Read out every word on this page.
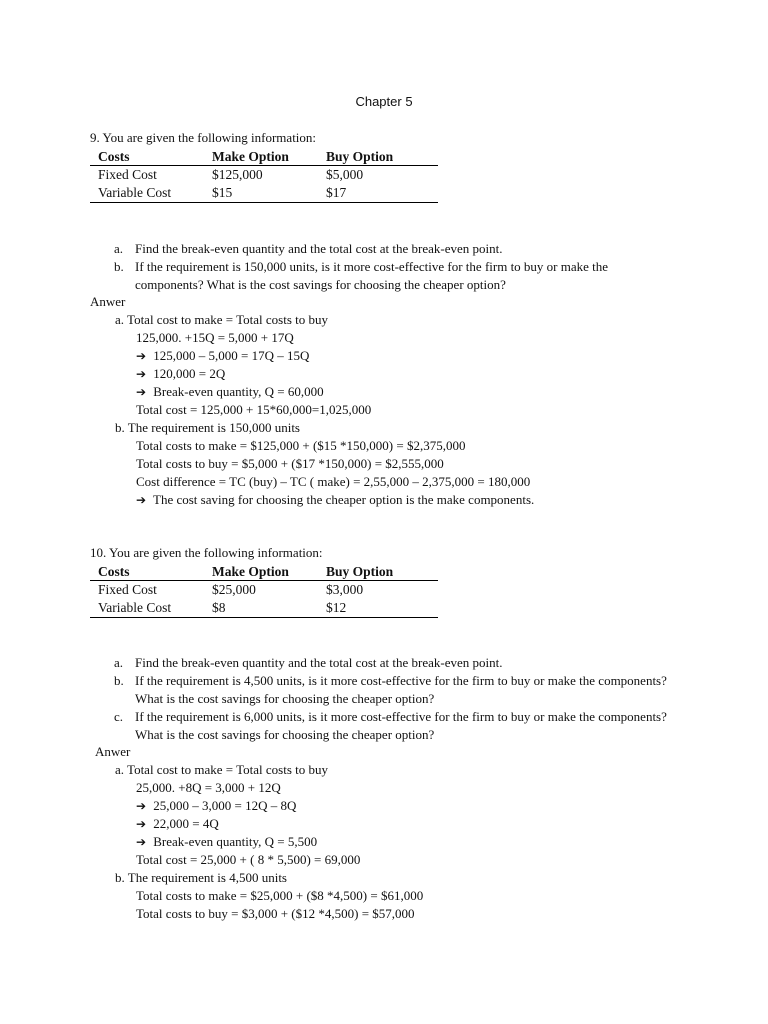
Chapter 5
9. You are given the following information:
Costs	Make Option	Buy Option
Fixed Cost	$125,000	$5,000
Variable Cost	$15	$17
a. Find the break-even quantity and the total cost at the break-even point.
b. If the requirement is 150,000 units, is it more cost-effective for the firm to buy or make the components? What is the cost savings for choosing the cheaper option?
Anwer
a. Total cost to make = Total costs to buy
125,000. +15Q = 5,000 + 17Q
➔ 125,000 – 5,000 = 17Q – 15Q
➔ 120,000 = 2Q
➔ Break-even quantity, Q = 60,000
Total cost = 125,000 + 15*60,000=1,025,000
b. The requirement is 150,000 units
Total costs to make = $125,000 + ($15 *150,000) = $2,375,000
Total costs to buy = $5,000 + ($17 *150,000) = $2,555,000
Cost difference = TC (buy) – TC ( make) = 2,55,000 – 2,375,000 = 180,000
➔ The cost saving for choosing the cheaper option is the make components.
10. You are given the following information:
Costs	Make Option	Buy Option
Fixed Cost	$25,000	$3,000
Variable Cost	$8	$12
a. Find the break-even quantity and the total cost at the break-even point.
b. If the requirement is 4,500 units, is it more cost-effective for the firm to buy or make the components? What is the cost savings for choosing the cheaper option?
c. If the requirement is 6,000 units, is it more cost-effective for the firm to buy or make the components? What is the cost savings for choosing the cheaper option?
Anwer
a. Total cost to make = Total costs to buy
25,000. +8Q = 3,000 + 12Q
➔ 25,000 – 3,000 = 12Q – 8Q
➔ 22,000 = 4Q
➔ Break-even quantity, Q = 5,500
Total cost = 25,000 + ( 8 * 5,500) = 69,000
b. The requirement is 4,500 units
Total costs to make = $25,000 + ($8 *4,500) = $61,000
Total costs to buy = $3,000 + ($12 *4,500) = $57,000
